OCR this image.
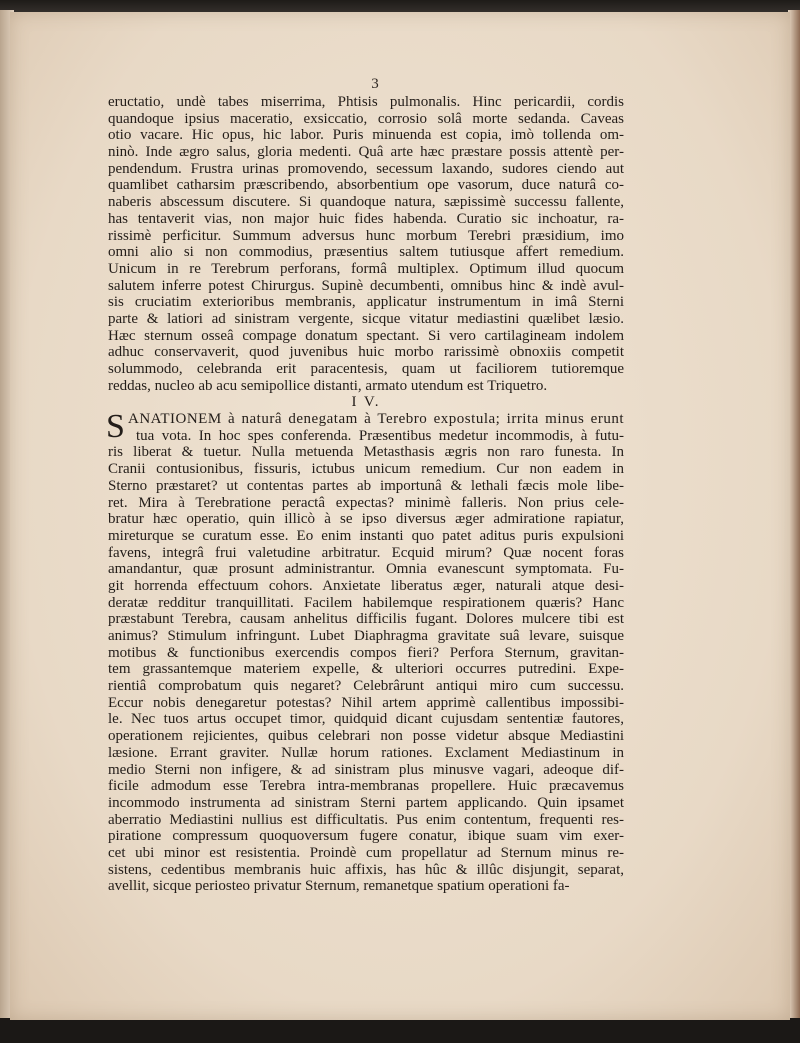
3
eructatio, undè tabes miserrima, Phtisis pulmonalis. Hinc pericardii, cordis
quandoque ipsius maceratio, exsiccatio, corrosio solâ morte sedanda. Caveas
otio vacare. Hic opus, hic labor. Puris minuenda est copia, imò tollenda om-
ninò. Inde ægro salus, gloria medenti. Quâ arte hæc præstare possis attentè per-
pendendum. Frustra urinas promovendo, secessum laxando, sudores ciendo aut
quamlibet catharsim præscribendo, absorbentium ope vasorum, duce naturâ co-
naberis abscessum discutere. Si quandoque natura, sæpissimè successu fallente,
has tentaverit vias, non major huic fides habenda. Curatio sic inchoatur, ra-
rissimè perficitur. Summum adversus hunc morbum Terebri præsidium, imo
omni alio si non commodius, præsentius saltem tutiusque affert remedium.
Unicum in re Terebrum perforans, formâ multiplex. Optimum illud quocum
salutem inferre potest Chirurgus. Supinè decumbenti, omnibus hinc & indè avul-
sis cruciatim exterioribus membranis, applicatur instrumentum in imâ Sterni
parte & latiori ad sinistram vergente, sicque vitatur mediastini quælibet læsio.
Hæc sternum osseâ compage donatum spectant. Si vero cartilagineam indolem
adhuc conservaverit, quod juvenibus huic morbo rarissimè obnoxiis competit
solummodo, celebranda erit paracentesis, quam ut faciliorem tutioremque
reddas, nucleo ab acu semipollice distanti, armato utendum est Triquetro.
I V.
S ANATIONEM à naturâ denegatam à Terebro expostula; irrita minus erunt
tua vota. In hoc spes conferenda. Præsentibus medetur incommodis, à futu-
ris liberat & tuetur. Nulla metuenda Metasthasis ægris non raro funesta. In
Cranii contusionibus, fissuris, ictubus unicum remedium. Cur non eadem in
Sterno præstaret? ut contentas partes ab importunâ & lethali fæcis mole libe-
ret. Mira à Terebratione peractâ expectas? minimè falleris. Non prius cele-
bratur hæc operatio, quin illicò à se ipso diversus æger admiratione rapiatur,
mireturque se curatum esse. Eo enim instanti quo patet aditus puris expulsioni
favens, integrâ frui valetudine arbitratur. Ecquid mirum? Quæ nocent foras
amandantur, quæ prosunt administrantur. Omnia evanescunt symptomata. Fu-
git horrenda effectuum cohors. Anxietate liberatus æger, naturali atque desi-
deratæ redditur tranquillitati. Facilem habilemque respirationem quæris? Hanc
præstabunt Terebra, causam anhelitus difficilis fugant. Dolores mulcere tibi est
animus? Stimulum infringunt. Lubet Diaphragma gravitate suâ levare, suisque
motibus & functionibus exercendis compos fieri? Perfora Sternum, gravitan-
tem grassantemque materiem expelle, & ulteriori occurres putredini. Expe-
rientiâ comprobatum quis negaret? Celebrârunt antiqui miro cum successu.
Eccur nobis denegaretur potestas? Nihil artem apprimè callentibus impossibi-
le. Nec tuos artus occupet timor, quidquid dicant cujusdam sententiæ fautores,
operationem rejicientes, quibus celebrari non posse videtur absque Mediastini
læsione. Errant graviter. Nullæ horum rationes. Exclament Mediastinum in
medio Sterni non infigere, & ad sinistram plus minusve vagari, adeoque dif-
ficile admodum esse Terebra intra-membranas propellere. Huic præcavemus
incommodo instrumenta ad sinistram Sterni partem applicando. Quin ipsamet
aberratio Mediastini nullius est difficultatis. Pus enim contentum, frequenti res-
piratione compressum quoquoversum fugere conatur, ibique suam vim exer-
cet ubi minor est resistentia. Proindè cum propellatur ad Sternum minus re-
sistens, cedentibus membranis huic affixis, has hûc & illûc disjungit, separat,
avellit, sicque periosteo privatur Sternum, remanetque spatium operationi fa-
